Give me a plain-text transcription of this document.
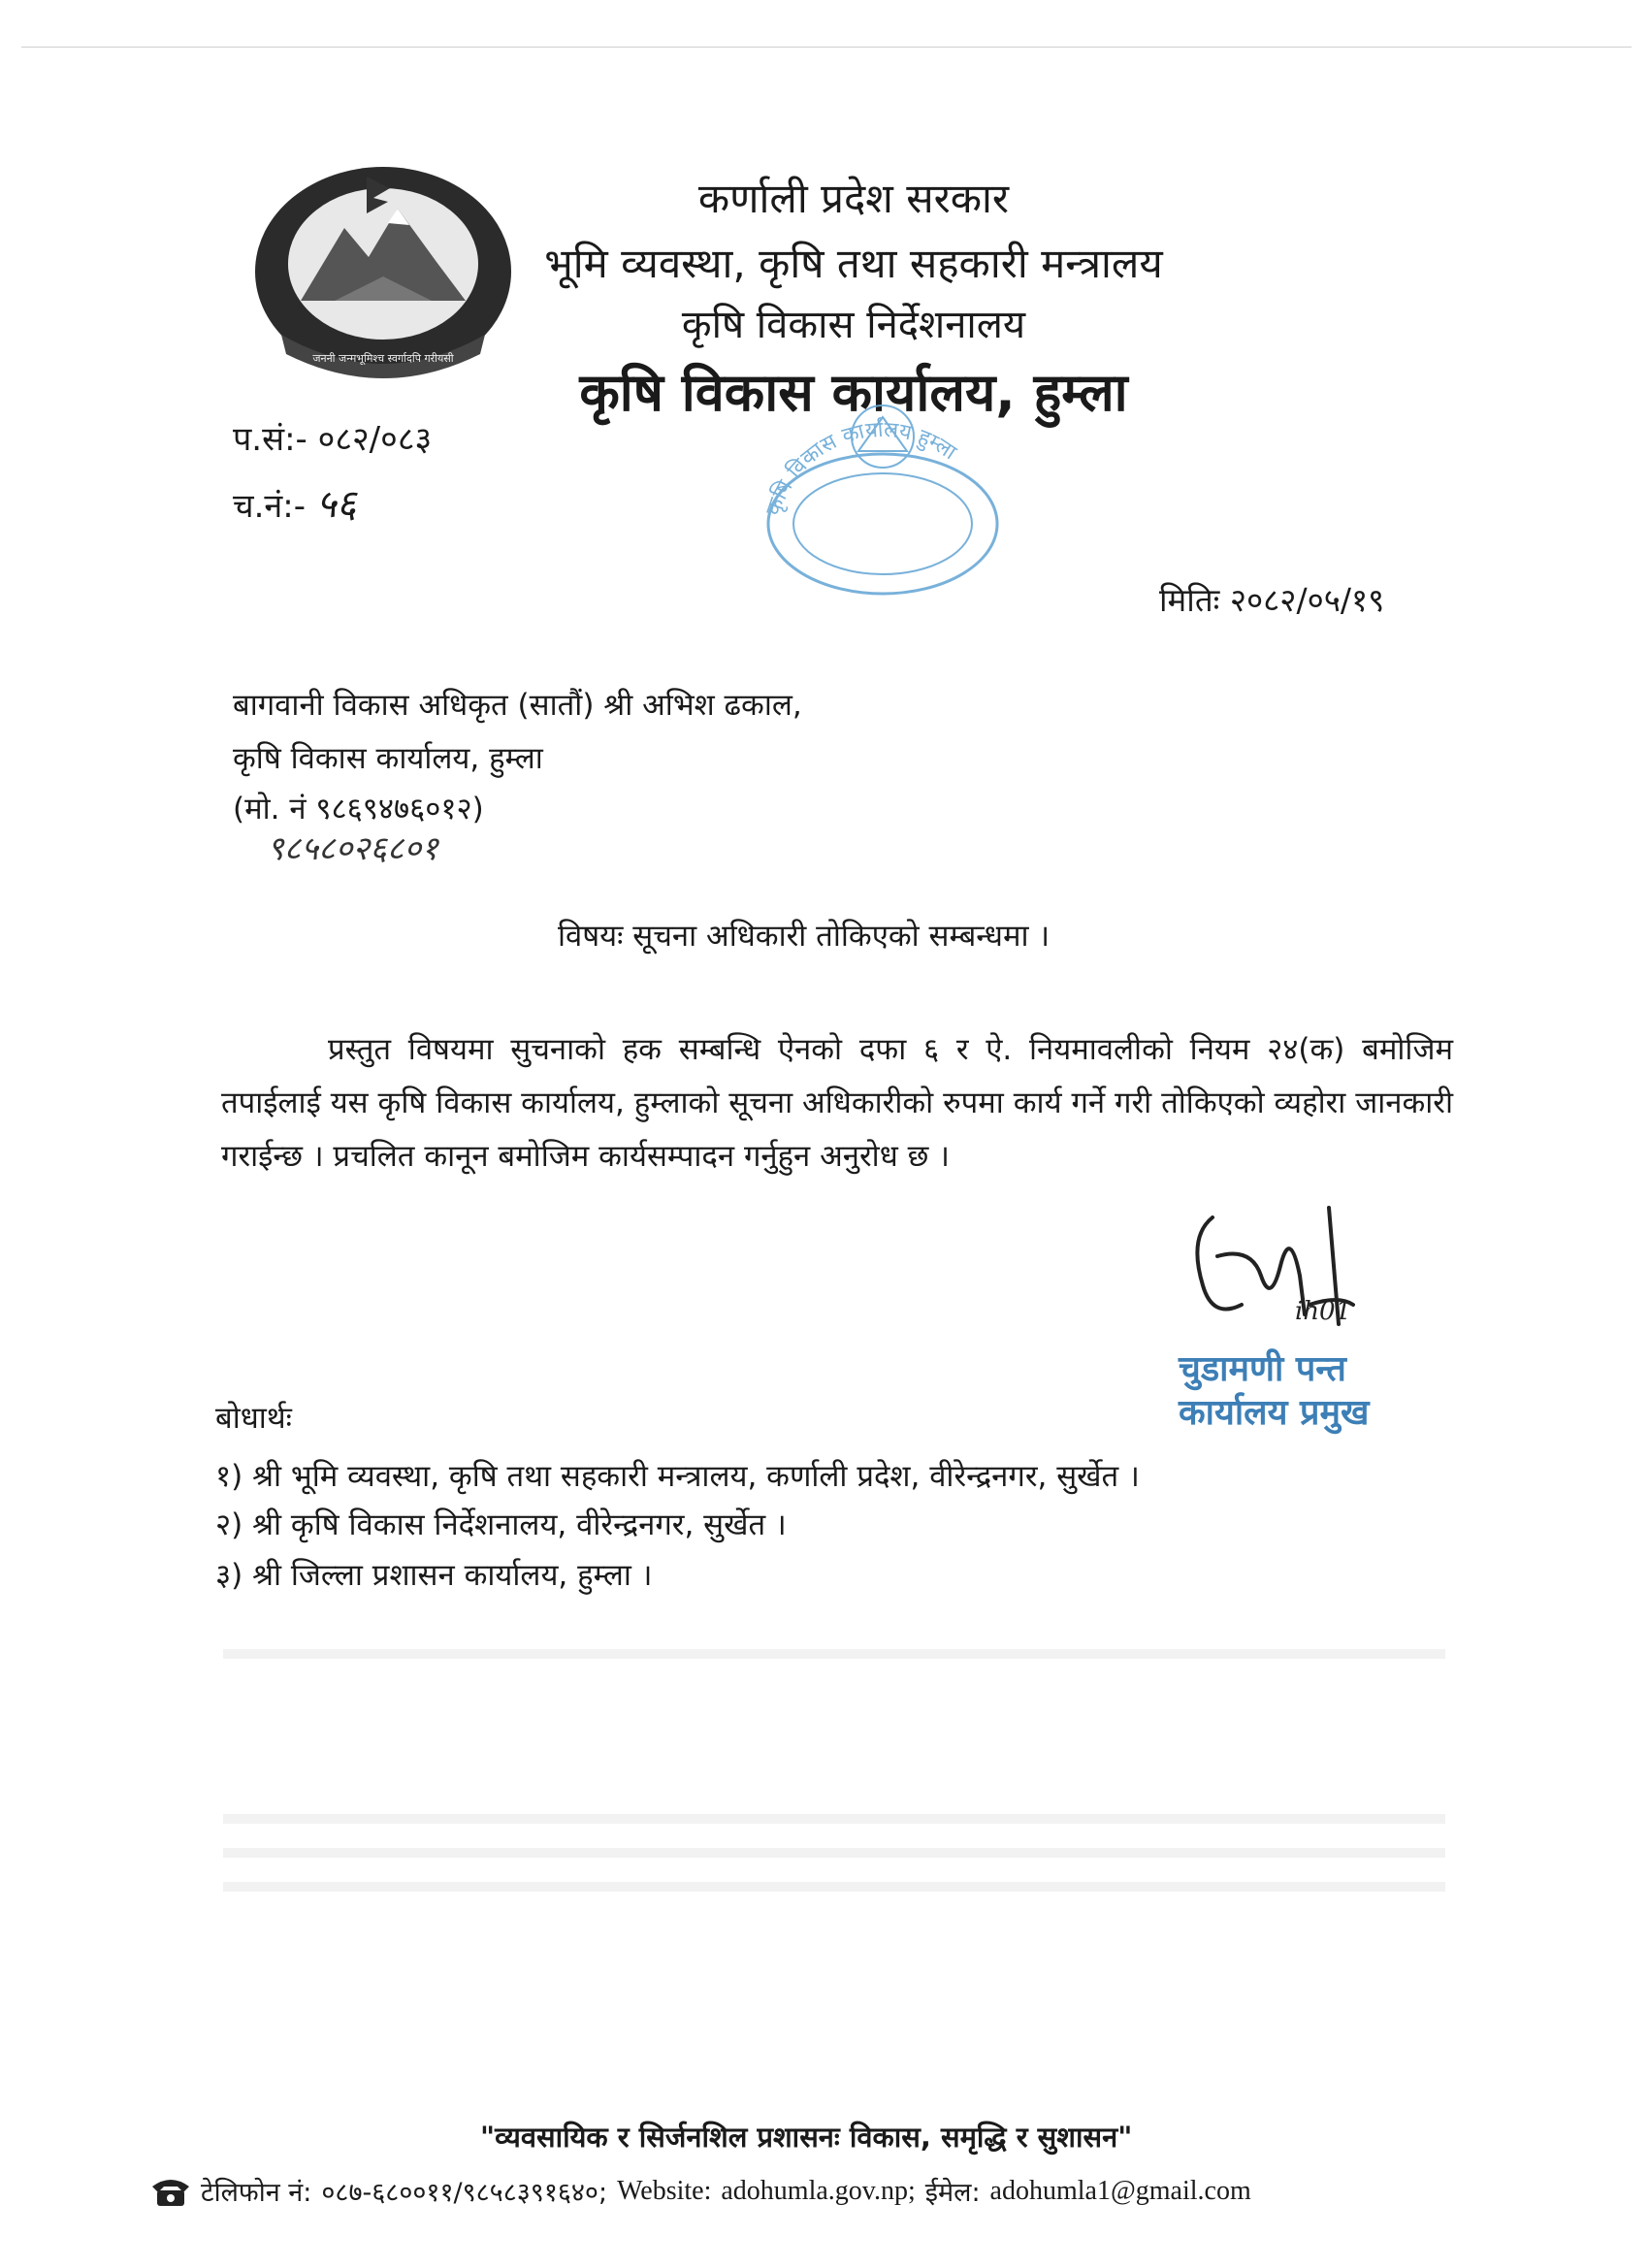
जननी जन्मभूमिश्च स्वर्गादपि गरीयसी
कर्णाली प्रदेश सरकार
भूमि व्यवस्था, कृषि तथा सहकारी मन्त्रालय
कृषि विकास निर्देशनालय
कृषि विकास कार्यालय, हुम्ला
प.सं:- ०८२/०८३
च.नं:- ५६	कृषि विकास कार्यालय हुम्ला
मितिः २०८२/०५/१९
बागवानी विकास अधिकृत (सातौं) श्री अभिश ढकाल,
कृषि विकास कार्यालय, हुम्ला
(मो. नं ९८६९४७६०१२)
९८५८०२६८०१
विषयः सूचना अधिकारी तोकिएको सम्बन्धमा ।
प्रस्तुत विषयमा सुचनाको हक सम्बन्धि ऐनको दफा ६ र ऐ. नियमावलीको नियम २४(क) बमोजिम तपाईलाई यस कृषि विकास कार्यालय, हुम्लाको सूचना अधिकारीको रुपमा कार्य गर्ने गरी तोकिएको व्यहोरा जानकारी गराईन्छ । प्रचलित कानून बमोजिम कार्यसम्पादन गर्नुहुन अनुरोध छ ।
ih01
चुडामणी पन्त
कार्यालय प्रमुख
बोधार्थः
१) श्री भूमि व्यवस्था, कृषि तथा सहकारी मन्त्रालय, कर्णाली प्रदेश, वीरेन्द्रनगर, सुर्खेत ।
२) श्री कृषि विकास निर्देशनालय, वीरेन्द्रनगर, सुर्खेत ।
३) श्री जिल्ला प्रशासन कार्यालय, हुम्ला ।
"व्यवसायिक र सिर्जनशिल प्रशासनः विकास, समृद्धि र सुशासन"
टेलिफोन नं: ०८७-६८००११/९८५८३९१६४०; Website: adohumla.gov.np; ईमेल: adohumla1@gmail.com
